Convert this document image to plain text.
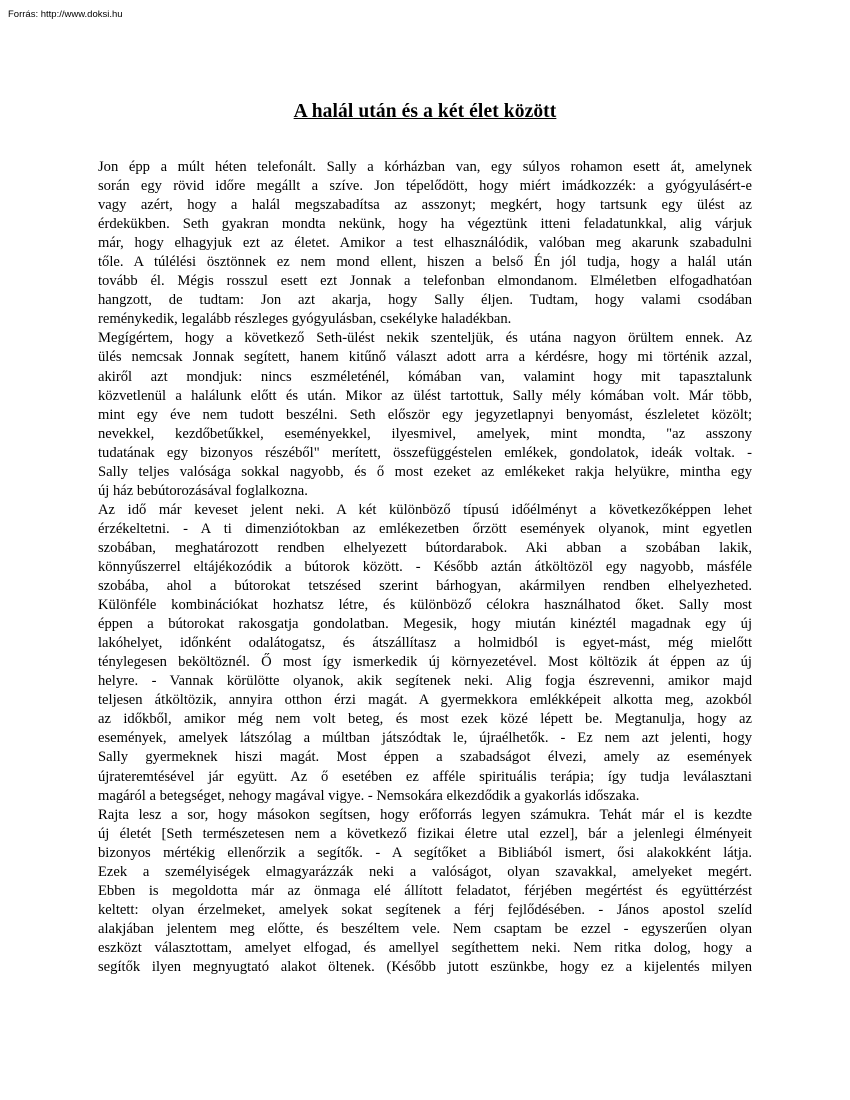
Forrás: http://www.doksi.hu
A halál után és a két élet között
Jon épp a múlt héten telefonált. Sally a kórházban van, egy súlyos rohamon esett át, amelynek
során egy rövid időre megállt a szíve. Jon tépelődött, hogy miért imádkozzék: a gyógyulásért-e
vagy azért, hogy a halál megszabadítsa az asszonyt; megkért, hogy tartsunk egy ülést az
érdekükben. Seth gyakran mondta nekünk, hogy ha végeztünk itteni feladatunkkal, alig várjuk
már, hogy elhagyjuk ezt az életet. Amikor a test elhasználódik, valóban meg akarunk szabadulni
tőle. A túlélési ösztönnek ez nem mond ellent, hiszen a belső Én jól tudja, hogy a halál után
tovább él. Mégis rosszul esett ezt Jonnak a telefonban elmondanom. Elméletben elfogadhatóan
hangzott, de tudtam: Jon azt akarja, hogy Sally éljen. Tudtam, hogy valami csodában
reménykedik, legalább részleges gyógyulásban, csekélyke haladékban.
Megígértem, hogy a következő Seth-ülést nekik szenteljük, és utána nagyon örültem ennek. Az
ülés nemcsak Jonnak segített, hanem kitűnő választ adott arra a kérdésre, hogy mi történik azzal,
akiről azt mondjuk: nincs eszméleténél, kómában van, valamint hogy mit tapasztalunk
közvetlenül a halálunk előtt és után. Mikor az ülést tartottuk, Sally mély kómában volt. Már több,
mint egy éve nem tudott beszélni. Seth először egy jegyzetlapnyi benyomást, észleletet közölt;
nevekkel, kezdőbetűkkel, eseményekkel, ilyesmivel, amelyek, mint mondta, "az asszony
tudatának egy bizonyos részéből" merített, összefüggéstelen emlékek, gondolatok, ideák voltak. -
Sally teljes valósága sokkal nagyobb, és ő most ezeket az emlékeket rakja helyükre, mintha egy
új ház bebútorozásával foglalkozna.
Az idő már keveset jelent neki. A két különböző típusú időélményt a következőképpen lehet
érzékeltetni. - A ti dimenziótokban az emlékezetben őrzött események olyanok, mint egyetlen
szobában, meghatározott rendben elhelyezett bútordarabok. Aki abban a szobában lakik,
könnyűszerrel eltájékozódik a bútorok között. - Később aztán átköltözöl egy nagyobb, másféle
szobába, ahol a bútorokat tetszésed szerint bárhogyan, akármilyen rendben elhelyezheted.
Különféle kombinációkat hozhatsz létre, és különböző célokra használhatod őket. Sally most
éppen a bútorokat rakosgatja gondolatban. Megesik, hogy miután kinéztél magadnak egy új
lakóhelyet, időnként odalátogatsz, és átszállítasz a holmidból is egyet-mást, még mielőtt
ténylegesen beköltöznél. Ő most így ismerkedik új környezetével. Most költözik át éppen az új
helyre. - Vannak körülötte olyanok, akik segítenek neki. Alig fogja észrevenni, amikor majd
teljesen átköltözik, annyira otthon érzi magát. A gyermekkora emlékképeit alkotta meg, azokból
az időkből, amikor még nem volt beteg, és most ezek közé lépett be. Megtanulja, hogy az
események, amelyek látszólag a múltban játszódtak le, újraélhetők. - Ez nem azt jelenti, hogy
Sally gyermeknek hiszi magát. Most éppen a szabadságot élvezi, amely az események
újrateremtésével jár együtt. Az ő esetében ez afféle spirituális terápia; így tudja leválasztani
magáról a betegséget, nehogy magával vigye. - Nemsokára elkezdődik a gyakorlás időszaka.
Rajta lesz a sor, hogy másokon segítsen, hogy erőforrás legyen számukra. Tehát már el is kezdte
új életét [Seth természetesen nem a következő fizikai életre utal ezzel], bár a jelenlegi élményeit
bizonyos mértékig ellenőrzik a segítők. - A segítőket a Bibliából ismert, ősi alakokként látja.
Ezek a személyiségek elmagyarázzák neki a valóságot, olyan szavakkal, amelyeket megért.
Ebben is megoldotta már az önmaga elé állított feladatot, férjében megértést és együttérzést
keltett: olyan érzelmeket, amelyek sokat segítenek a férj fejlődésében. - János apostol szelíd
alakjában jelentem meg előtte, és beszéltem vele. Nem csaptam be ezzel - egyszerűen olyan
eszközt választottam, amelyet elfogad, és amellyel segíthettem neki. Nem ritka dolog, hogy a
segítők ilyen megnyugtató alakot öltenek. (Később jutott eszünkbe, hogy ez a kijelentés milyen
